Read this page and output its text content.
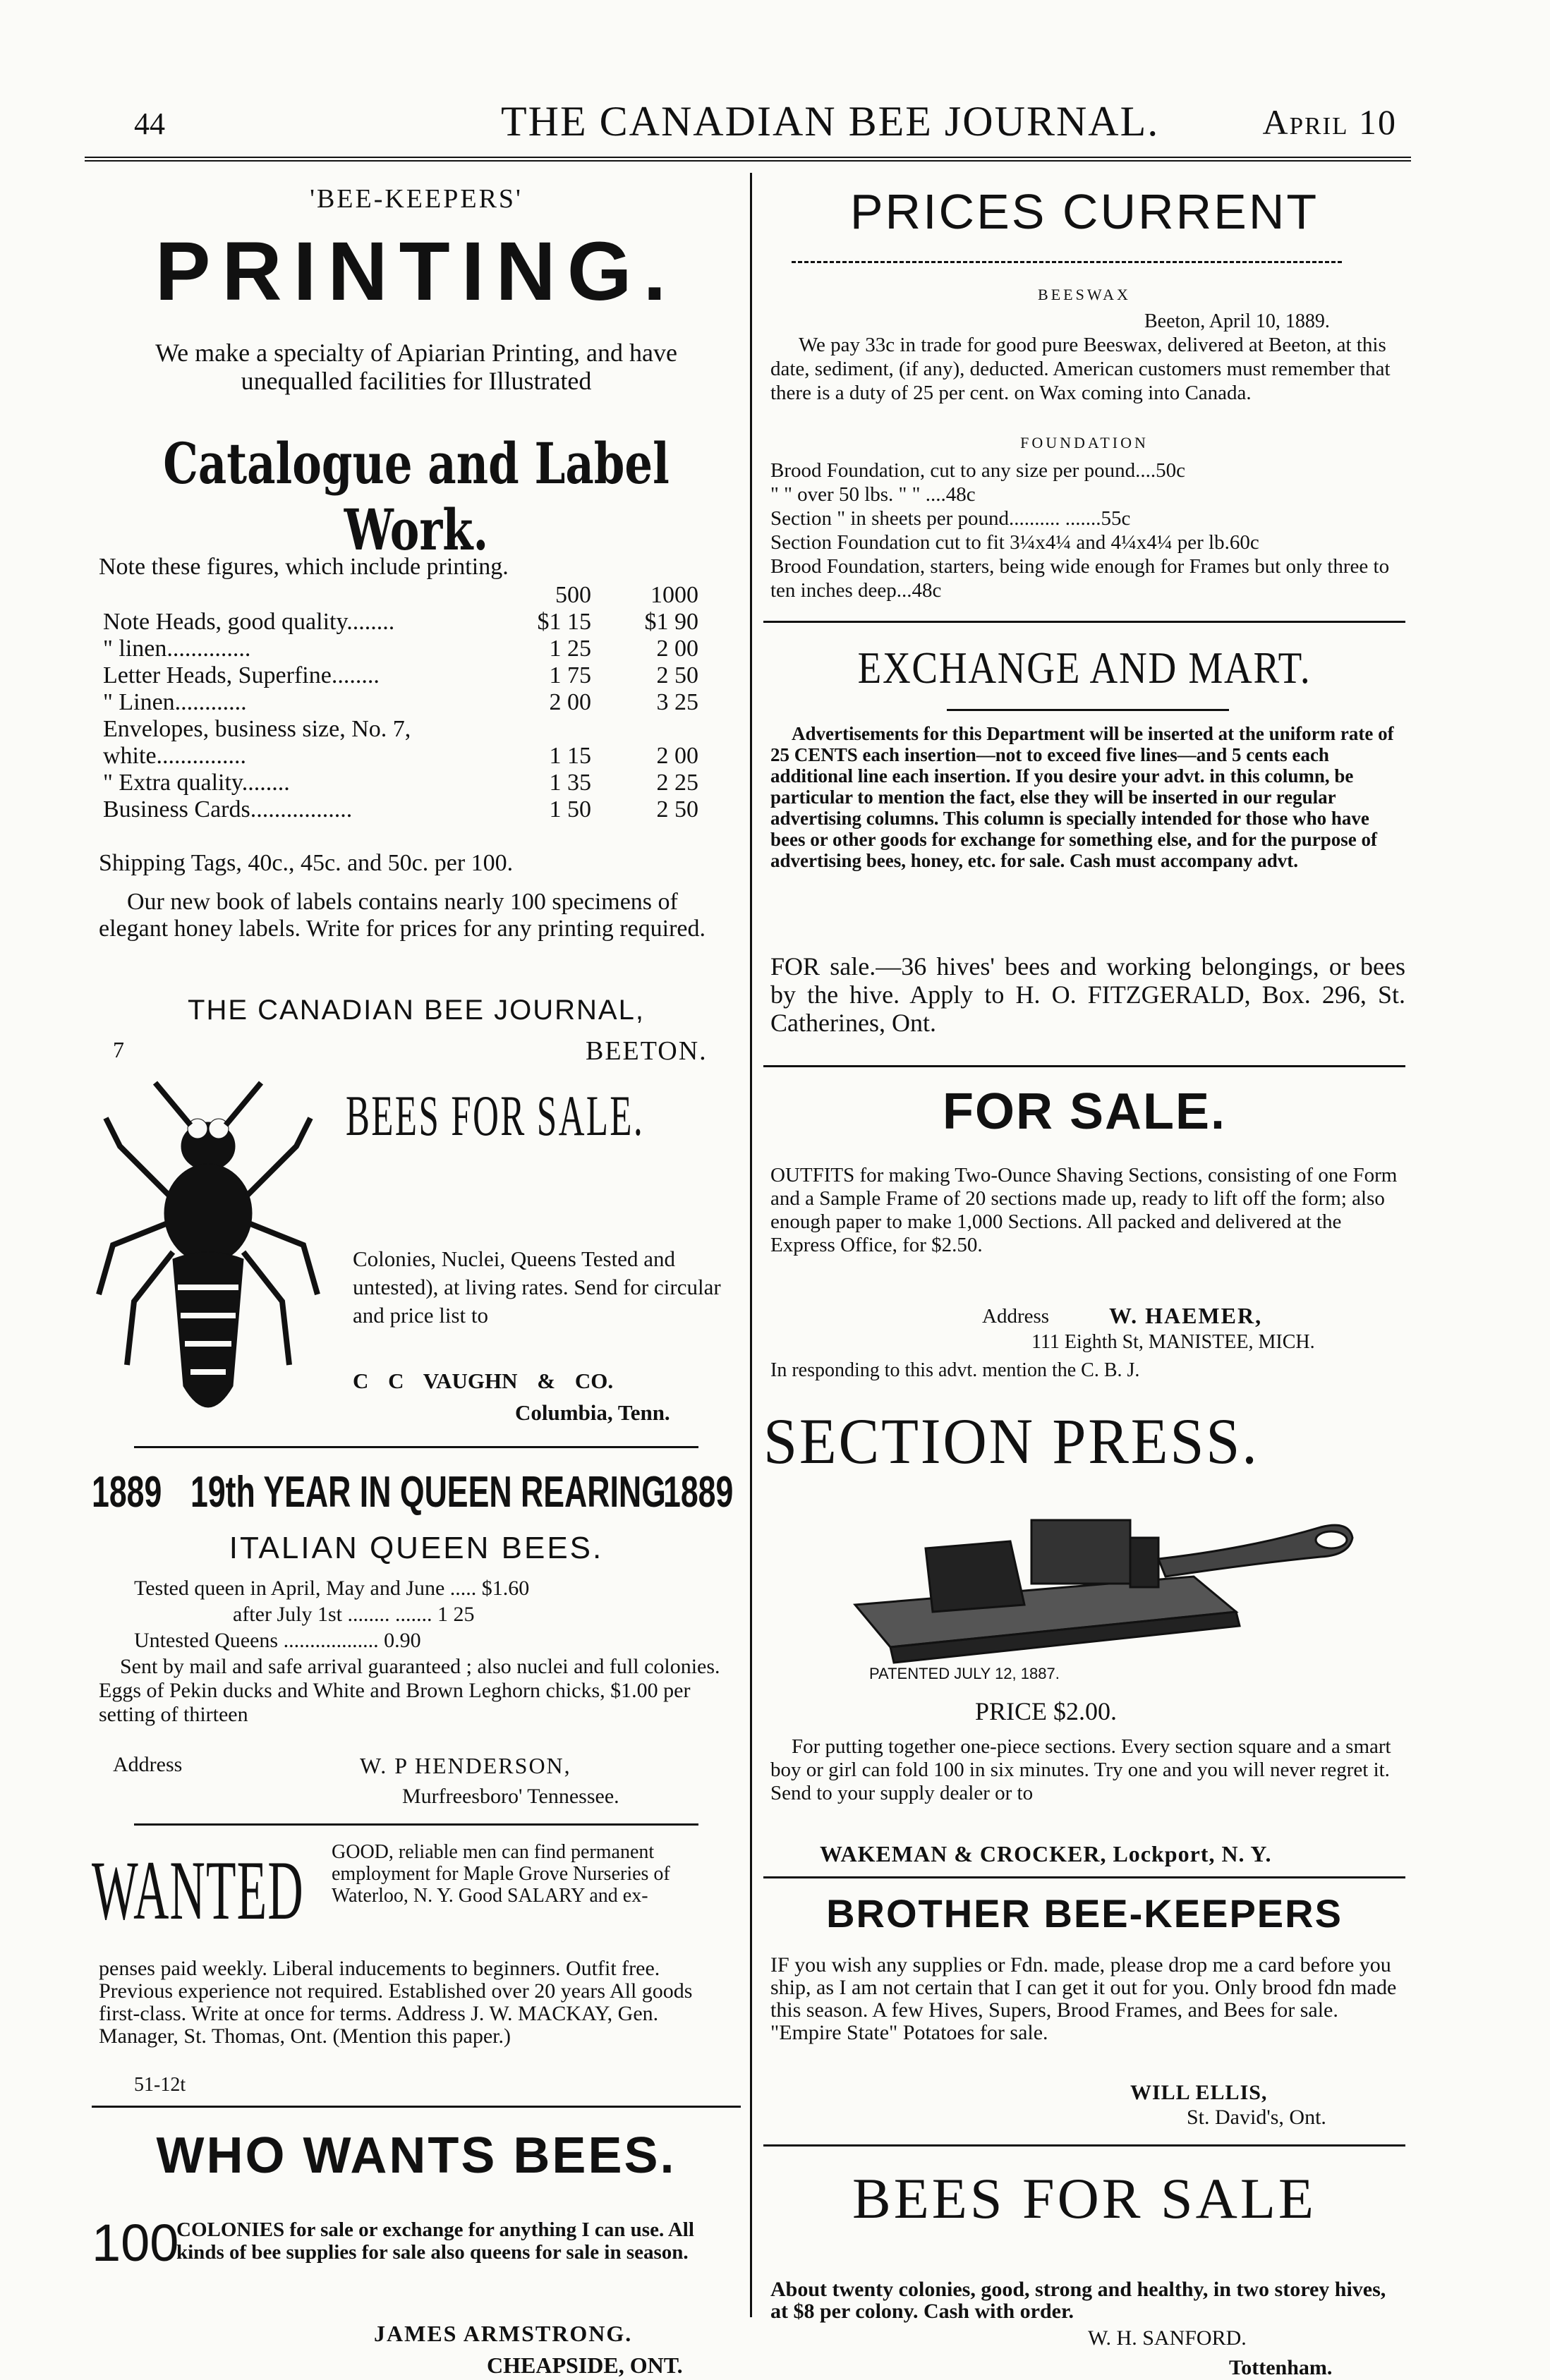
44	THE CANADIAN BEE JOURNAL.	April 10
'BEE-KEEPERS'
PRINTING.
We make a specialty of Apiarian Printing, and have unequalled facilities for Illustrated
Catalogue and Label Work.
Note these figures, which include printing.
	500	1000
Note Heads, good quality........	$1 15	$1 90
" linen..............	1 25	2 00
Letter Heads, Superfine........	1 75	2 50
" Linen............	2 00	3 25
Envelopes, business size, No. 7,		
white...............	1 15	2 00
" Extra quality........	1 35	2 25
Business Cards.................	1 50	2 50
Shipping Tags, 40c., 45c. and 50c. per 100.
Our new book of labels contains nearly 100 specimens of elegant honey labels. Write for prices for any printing required.
THE CANADIAN BEE JOURNAL,
7	BEETON.
BEES FOR SALE.
Colonies, Nuclei, Queens Tested and untested), at living rates. Send for circular and price list to
C C VAUGHN & CO.
Columbia, Tenn.
1889 19th YEAR IN QUEEN REARING
1889
ITALIAN QUEEN BEES.
Tested queen in April, May and June ..... $1.60
after July 1st ........ ....... 1 25
Untested Queens .................. 0.90
Sent by mail and safe arrival guaranteed ; also nuclei and full colonies. Eggs of Pekin ducks and White and Brown Leghorn chicks, $1.00 per setting of thirteen
Address	W. P HENDERSON,
Murfreesboro' Tennessee.
WANTED GOOD, reliable men can find permanent employment for Maple Grove Nurseries of Waterloo, N. Y. Good SALARY and ex-
penses paid weekly. Liberal inducements to beginners. Outfit free. Previous experience not required. Established over 20 years All goods first-class. Write at once for terms. Address J. W. MACKAY, Gen. Manager, St. Thomas, Ont. (Mention this paper.)
51-12t
WHO WANTS BEES.
100
COLONIES for sale or exchange for anything I can use. All kinds of bee supplies for sale also queens for sale in season.
JAMES ARMSTRONG.
CHEAPSIDE, ONT.
PRICES CURRENT
BEESWAX
Beeton, April 10, 1889.
We pay 33c in trade for good pure Beeswax, delivered at Beeton, at this date, sediment, (if any), deducted. American customers must remember that there is a duty of 25 per cent. on Wax coming into Canada.
FOUNDATION
Brood Foundation, cut to any size per pound....50c
" " over 50 lbs. " " ....48c
Section " in sheets per pound.......... .......55c
Section Foundation cut to fit 3¼x4¼ and 4¼x4¼ per lb.60c
Brood Foundation, starters, being wide enough for Frames but only three to ten inches deep...48c
EXCHANGE AND MART.
Advertisements for this Department will be inserted at the uniform rate of 25 CENTS each insertion—not to exceed five lines—and 5 cents each additional line each insertion. If you desire your advt. in this column, be particular to mention the fact, else they will be inserted in our regular advertising columns. This column is specially intended for those who have bees or other goods for exchange for something else, and for the purpose of advertising bees, honey, etc. for sale. Cash must accompany advt.
FOR sale.—36 hives' bees and working belongings, or bees by the hive. Apply to H. O. FITZGERALD, Box. 296, St. Catherines, Ont.
FOR SALE.
OUTFITS for making Two-Ounce Shaving Sections, consisting of one Form and a Sample Frame of 20 sections made up, ready to lift off the form; also enough paper to make 1,000 Sections. All packed and delivered at the Express Office, for $2.50.
Address	W. HAEMER,
111 Eighth St, MANISTEE, MICH.
In responding to this advt. mention the C. B. J.
SECTION PRESS.
PATENTED JULY 12, 1887.
PRICE $2.00.
For putting together one-piece sections. Every section square and a smart boy or girl can fold 100 in six minutes. Try one and you will never regret it. Send to your supply dealer or to
WAKEMAN & CROCKER, Lockport, N. Y.
BROTHER BEE-KEEPERS
IF you wish any supplies or Fdn. made, please drop me a card before you ship, as I am not certain that I can get it out for you. Only brood fdn made this season. A few Hives, Supers, Brood Frames, and Bees for sale. "Empire State" Potatoes for sale.
WILL ELLIS,
St. David's, Ont.
BEES FOR SALE
About twenty colonies, good, strong and healthy, in two storey hives, at $8 per colony. Cash with order.
W. H. SANFORD.
Tottenham.
